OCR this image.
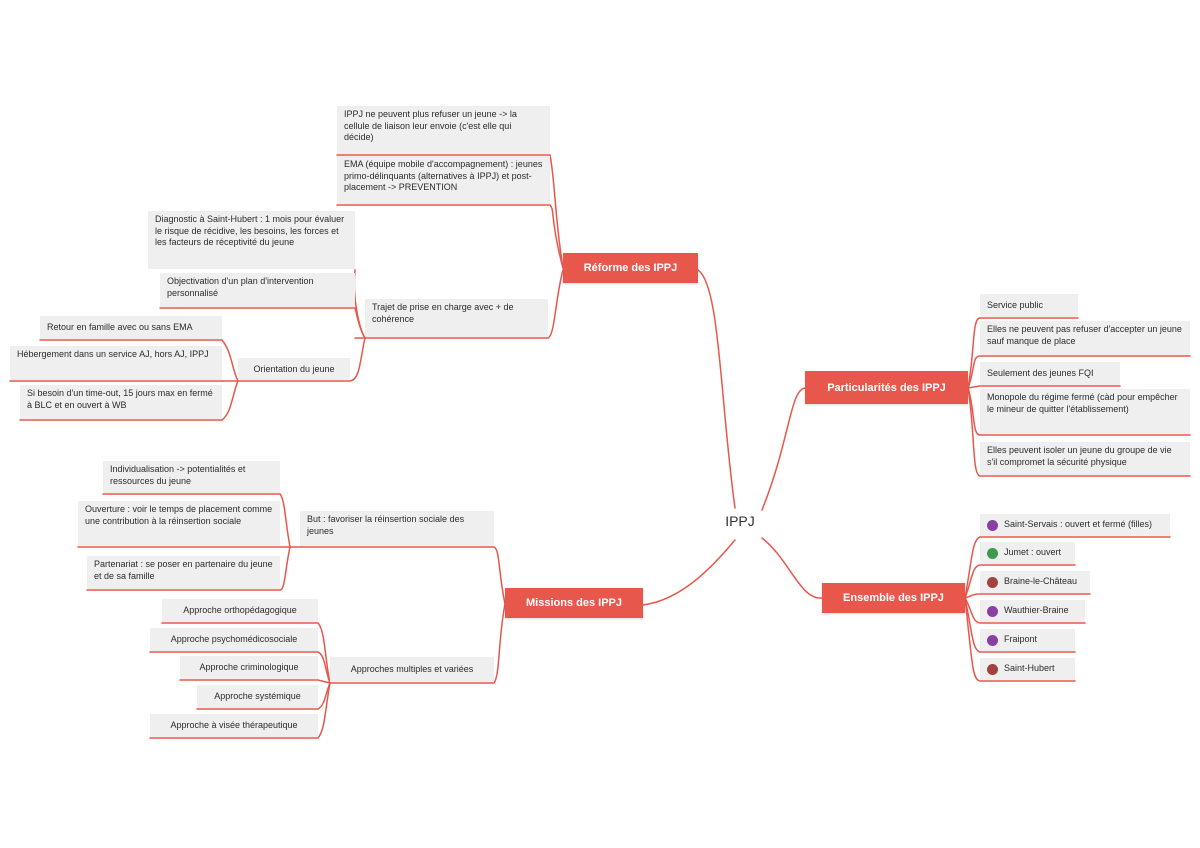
IPPJ
Réforme des IPPJ
IPPJ ne peuvent plus refuser un jeune -> la cellule de liaison leur envoie (c'est elle qui décide)
EMA (équipe mobile d'accompagnement) : jeunes primo-délinquants (alternatives à IPPJ) et post-placement -> PREVENTION
Trajet de prise en charge avec + de cohérence
Diagnostic à Saint-Hubert : 1 mois pour évaluer le risque de récidive, les besoins, les forces et les facteurs de réceptivité du jeune
Objectivation d'un plan d'intervention personnalisé
Orientation du jeune
Retour en famille avec ou sans EMA
Hébergement dans un service AJ, hors AJ, IPPJ
Si besoin d'un time-out, 15 jours max en fermé à BLC et en ouvert à WB
Particularités des IPPJ
Service public
Elles ne peuvent pas refuser d'accepter un jeune sauf manque de place
Seulement des jeunes FQI
Monopole du régime fermé (càd pour empêcher le mineur de quitter l'établissement)
Elles peuvent isoler un jeune du groupe de vie s'il compromet la sécurité physique
Ensemble des IPPJ
Saint-Servais : ouvert et fermé (filles)
Jumet : ouvert
Braine-le-Château
Wauthier-Braine
Fraipont
Saint-Hubert
Missions des IPPJ
But : favoriser la réinsertion sociale des jeunes
Individualisation -> potentialités et ressources du jeune
Ouverture : voir le temps de placement comme une contribution à la réinsertion sociale
Partenariat : se poser en partenaire du jeune et de sa famille
Approches multiples et variées
Approche orthopédagogique
Approche psychomédicosociale
Approche criminologique
Approche systémique
Approche à visée thérapeutique
